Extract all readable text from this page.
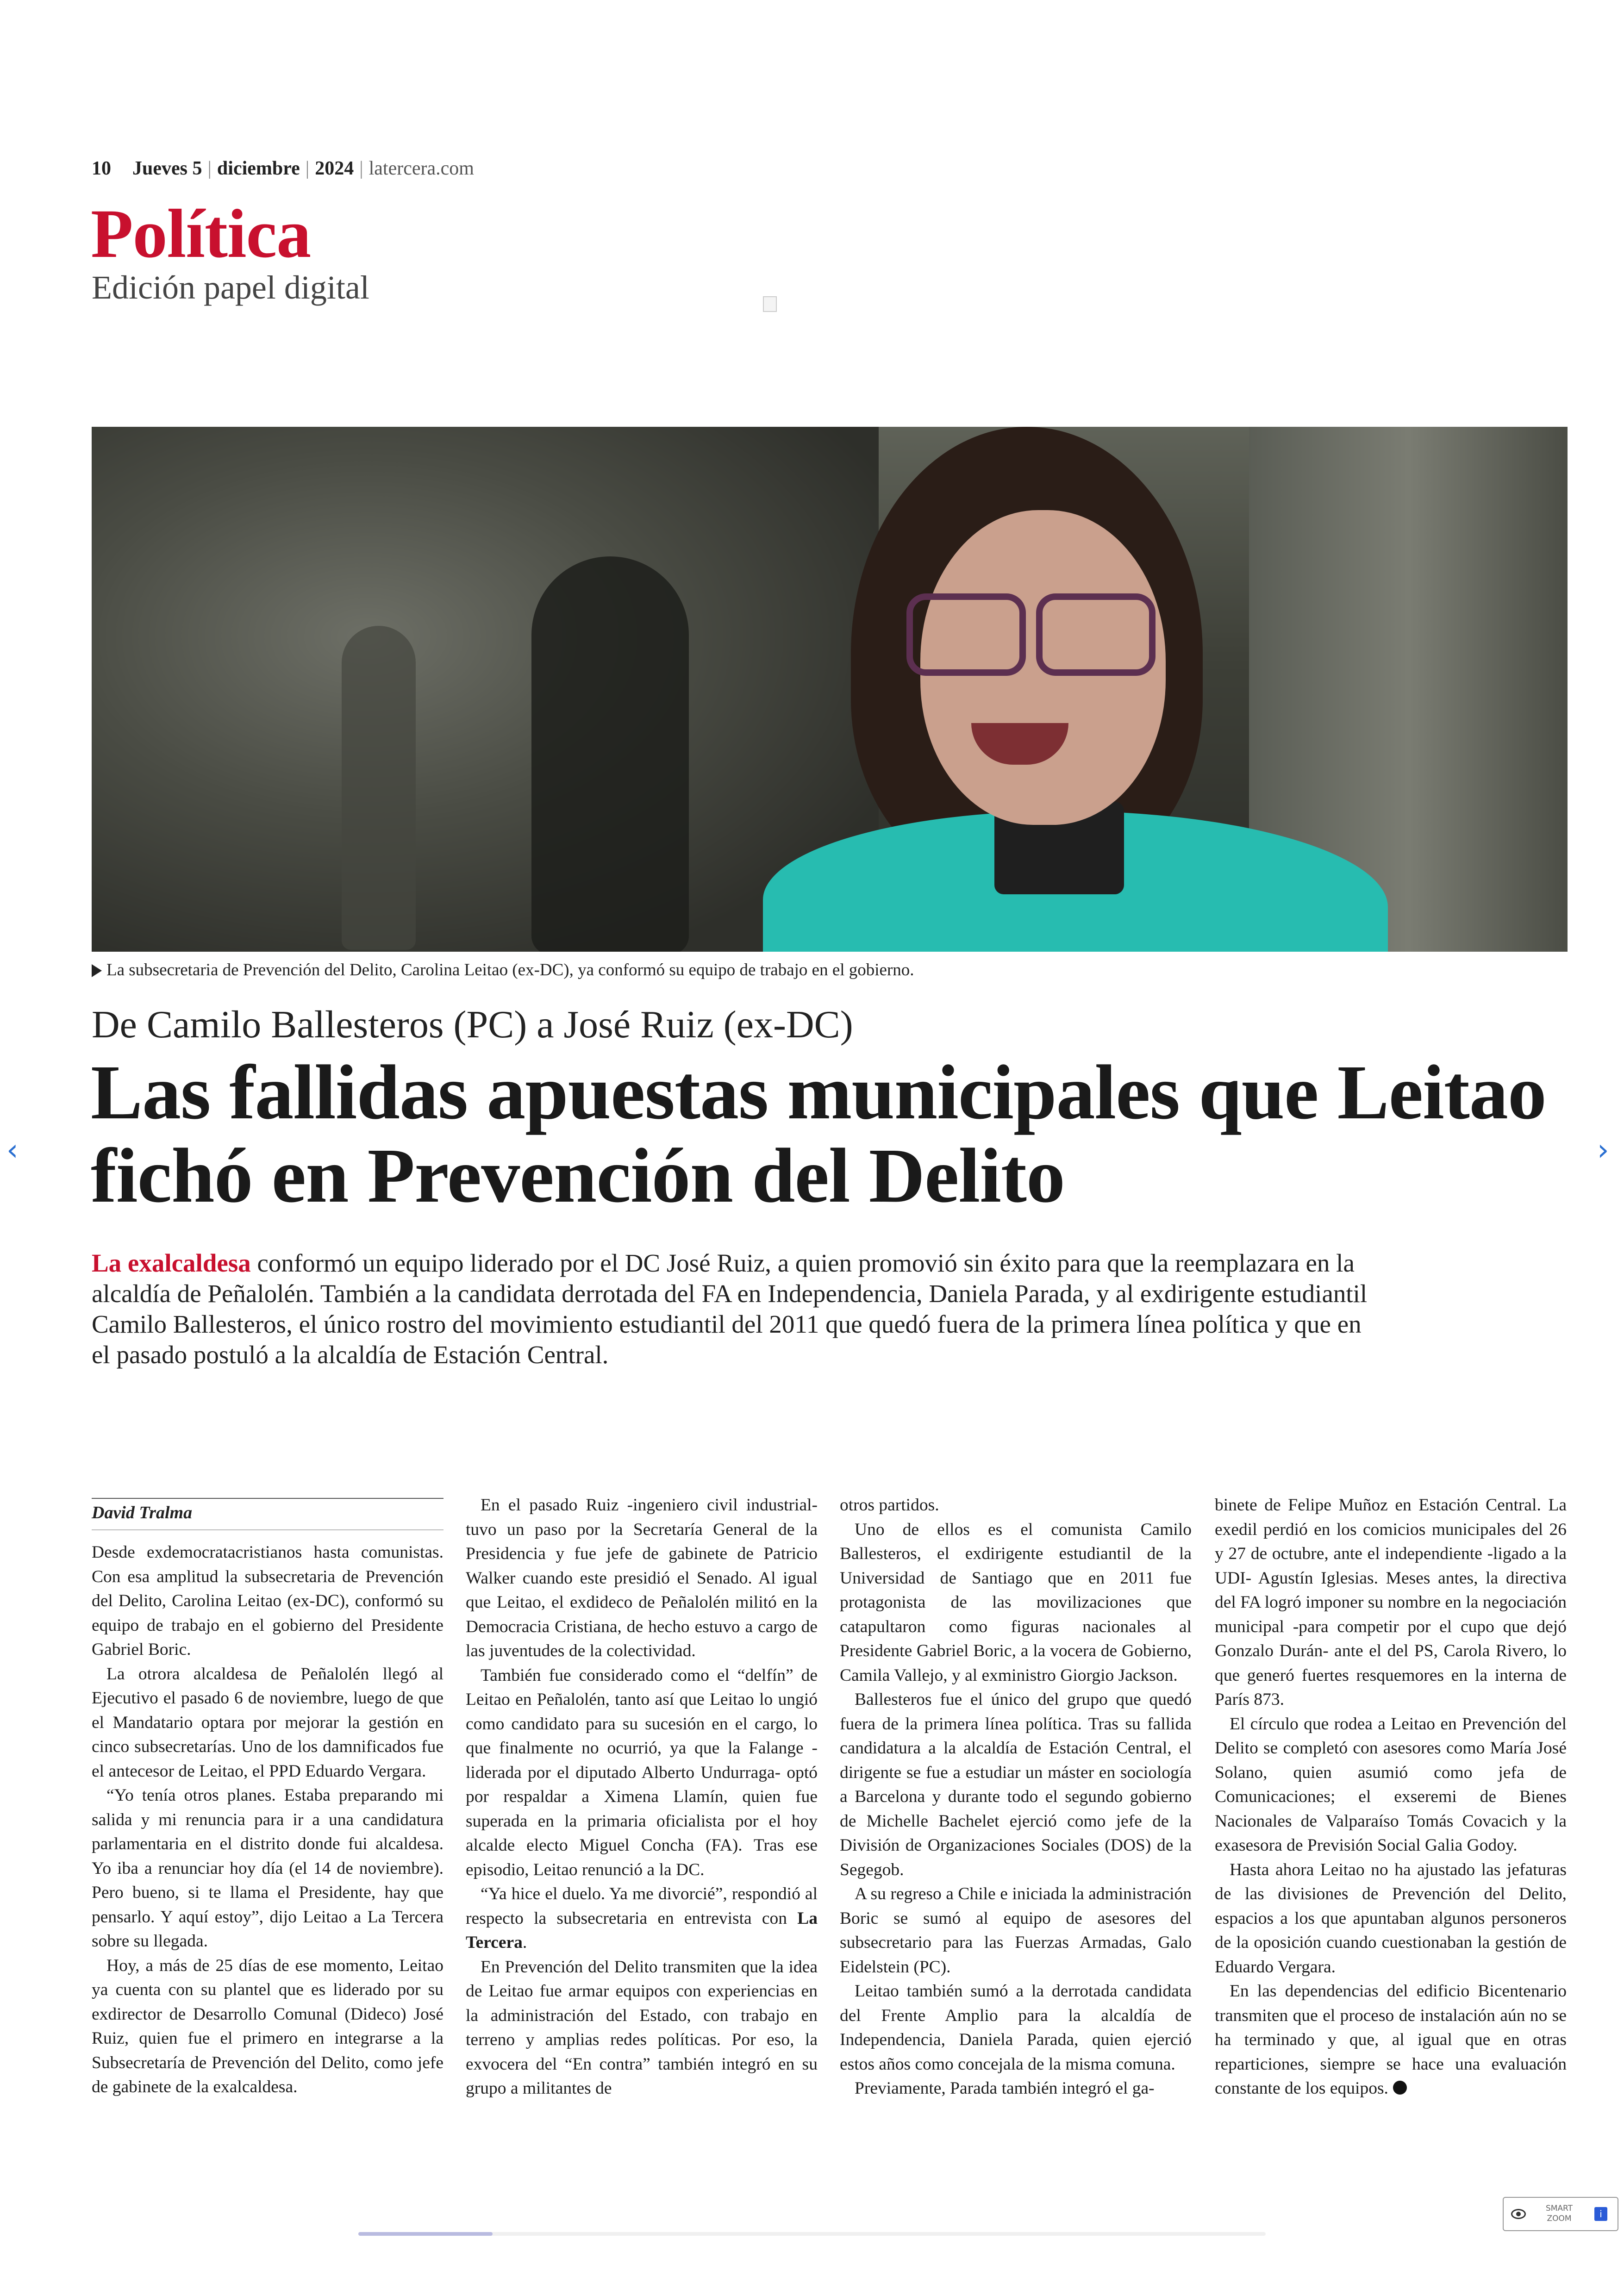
10 Jueves 5 | diciembre | 2024 | latercera.com
Política
Edición papel digital
La subsecretaria de Prevención del Delito, Carolina Leitao (ex-DC), ya conformó su equipo de trabajo en el gobierno.
De Camilo Ballesteros (PC) a José Ruiz (ex-DC)
Las fallidas apuestas municipales que Leitao fichó en Prevención del Delito
La exalcaldesa conformó un equipo liderado por el DC José Ruiz, a quien promovió sin éxito para que la reemplazara en la alcaldía de Peñalolén. También a la candidata derrotada del FA en Independencia, Daniela Parada, y al exdirigente estudiantil Camilo Ballesteros, el único rostro del movimiento estudiantil del 2011 que quedó fuera de la primera línea política y que en el pasado postuló a la alcaldía de Estación Central.
David Tralma

Desde exdemocratacristianos hasta comunistas. Con esa amplitud la subsecretaria de Prevención del Delito, Carolina Leitao (ex-DC), conformó su equipo de trabajo en el gobierno del Presidente Gabriel Boric.

La otrora alcaldesa de Peñalolén llegó al Ejecutivo el pasado 6 de noviembre, luego de que el Mandatario optara por mejorar la gestión en cinco subsecretarías. Uno de los damnificados fue el antecesor de Leitao, el PPD Eduardo Vergara.

“Yo tenía otros planes. Estaba preparando mi salida y mi renuncia para ir a una candidatura parlamentaria en el distrito donde fui alcaldesa. Yo iba a renunciar hoy día (el 14 de noviembre). Pero bueno, si te llama el Presidente, hay que pensarlo. Y aquí estoy”, dijo Leitao a La Tercera sobre su llegada.

Hoy, a más de 25 días de ese momento, Leitao ya cuenta con su plantel que es liderado por su exdirector de Desarrollo Comunal (Dideco) José Ruiz, quien fue el primero en integrarse a la Subsecretaría de Prevención del Delito, como jefe de gabinete de la exalcaldesa.

En el pasado Ruiz -ingeniero civil industrial- tuvo un paso por la Secretaría General de la Presidencia y fue jefe de gabinete de Patricio Walker cuando este presidió el Senado. Al igual que Leitao, el exdideco de Peñalolén militó en la Democracia Cristiana, de hecho estuvo a cargo de las juventudes de la colectividad.

También fue considerado como el “delfín” de Leitao en Peñalolén, tanto así que Leitao lo ungió como candidato para su sucesión en el cargo, lo que finalmente no ocurrió, ya que la Falange -liderada por el diputado Alberto Undurraga- optó por respaldar a Ximena Llamín, quien fue superada en la primaria oficialista por el hoy alcalde electo Miguel Concha (FA). Tras ese episodio, Leitao renunció a la DC.

“Ya hice el duelo. Ya me divorcié”, respondió al respecto la subsecretaria en entrevista con La Tercera.

En Prevención del Delito transmiten que la idea de Leitao fue armar equipos con experiencias en la administración del Estado, con trabajo en terreno y amplias redes políticas. Por eso, la exvocera del “En contra” también integró en su grupo a militantes de

otros partidos.

Uno de ellos es el comunista Camilo Ballesteros, el exdirigente estudiantil de la Universidad de Santiago que en 2011 fue protagonista de las movilizaciones que catapultaron como figuras nacionales al Presidente Gabriel Boric, a la vocera de Gobierno, Camila Vallejo, y al exministro Giorgio Jackson.

Ballesteros fue el único del grupo que quedó fuera de la primera línea política. Tras su fallida candidatura a la alcaldía de Estación Central, el dirigente se fue a estudiar un máster en sociología a Barcelona y durante todo el segundo gobierno de Michelle Bachelet ejerció como jefe de la División de Organizaciones Sociales (DOS) de la Segegob.

A su regreso a Chile e iniciada la administración Boric se sumó al equipo de asesores del subsecretario para las Fuerzas Armadas, Galo Eidelstein (PC).

Leitao también sumó a la derrotada candidata del Frente Amplio para la alcaldía de Independencia, Daniela Parada, quien ejerció estos años como concejala de la misma comuna.

Previamente, Parada también integró el ga-

binete de Felipe Muñoz en Estación Central. La exedil perdió en los comicios municipales del 26 y 27 de octubre, ante el independiente -ligado a la UDI- Agustín Iglesias. Meses antes, la directiva del FA logró imponer su nombre en la negociación municipal -para competir por el cupo que dejó Gonzalo Durán- ante el del PS, Carola Rivero, lo que generó fuertes resquemores en la interna de París 873.

El círculo que rodea a Leitao en Prevención del Delito se completó con asesores como María José Solano, quien asumió como jefa de Comunicaciones; el exseremi de Bienes Nacionales de Valparaíso Tomás Covacich y la exasesora de Previsión Social Galia Godoy.

Hasta ahora Leitao no ha ajustado las jefaturas de las divisiones de Prevención del Delito, espacios a los que apuntaban algunos personeros de la oposición cuando cuestionaban la gestión de Eduardo Vergara.

En las dependencias del edificio Bicentenario transmiten que el proceso de instalación aún no se ha terminado y que, al igual que en otras reparticiones, siempre se hace una evaluación constante de los equipos.

‹	›
SMART
ZOOM	i
